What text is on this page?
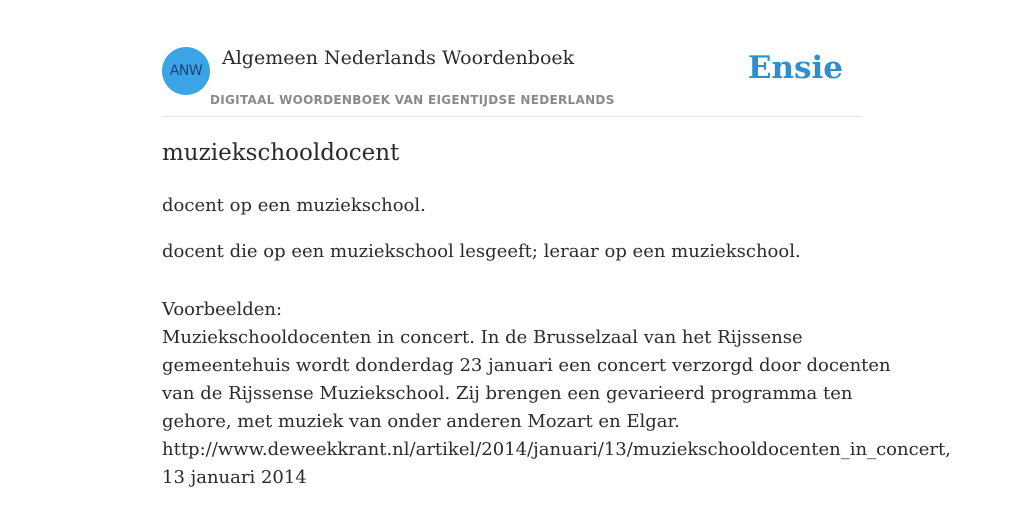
ANW
Algemeen Nederlands Woordenboek
DIGITAAL WOORDENBOEK VAN EIGENTIJDSE NEDERLANDS
Ensie
muziekschooldocent
docent op een muziekschool.
docent die op een muziekschool lesgeeft; leraar op een muziekschool.
Voorbeelden:
Muziekschooldocenten in concert. In de Brusselzaal van het Rijssense
gemeentehuis wordt donderdag 23 januari een concert verzorgd door docenten
van de Rijssense Muziekschool. Zij brengen een gevarieerd programma ten
gehore, met muziek van onder anderen Mozart en Elgar.
http://www.deweekkrant.nl/artikel/2014/januari/13/muziekschooldocenten_in_concert,
13 januari 2014
